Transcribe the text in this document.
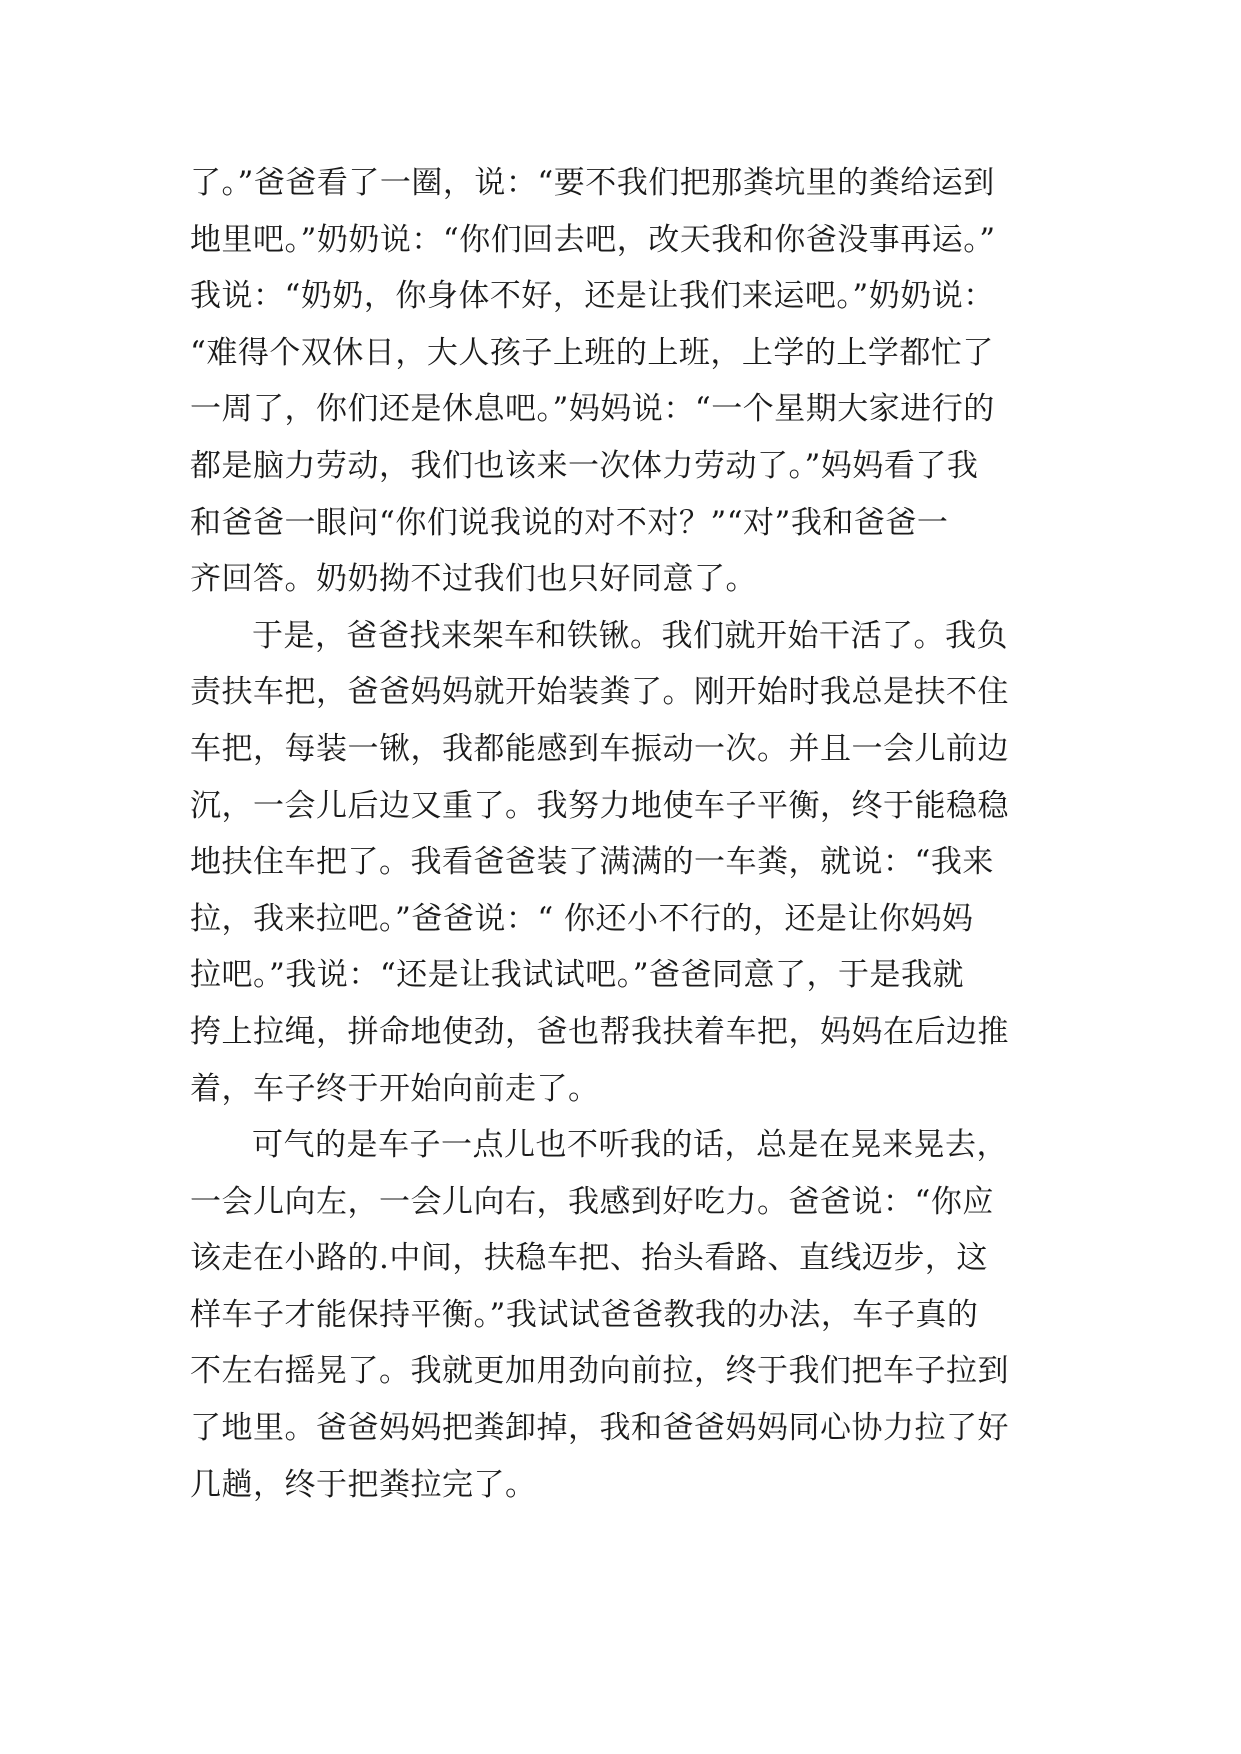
了。”爸爸看了一圈，说：“要不我们把那粪坑里的粪给运到
地里吧。”奶奶说：“你们回去吧，改天我和你爸没事再运。”
我说：“奶奶，你身体不好，还是让我们来运吧。”奶奶说：
“难得个双休日，大人孩子上班的上班，上学的上学都忙了
一周了，你们还是休息吧。”妈妈说：“一个星期大家进行的
都是脑力劳动，我们也该来一次体力劳动了。”妈妈看了我
和爸爸一眼问“你们说我说的对不对？”“对”我和爸爸一
齐回答。奶奶拗不过我们也只好同意了。
于是，爸爸找来架车和铁锹。我们就开始干活了。我负
责扶车把，爸爸妈妈就开始装粪了。刚开始时我总是扶不住
车把，每装一锹，我都能感到车振动一次。并且一会儿前边
沉，一会儿后边又重了。我努力地使车子平衡，终于能稳稳
地扶住车把了。我看爸爸装了满满的一车粪，就说：“我来
拉，我来拉吧。”爸爸说：“ 你还小不行的，还是让你妈妈
拉吧。”我说：“还是让我试试吧。”爸爸同意了，于是我就
挎上拉绳，拼命地使劲，爸也帮我扶着车把，妈妈在后边推
着，车子终于开始向前走了。
可气的是车子一点儿也不听我的话，总是在晃来晃去，
一会儿向左，一会儿向右，我感到好吃力。爸爸说：“你应
该走在小路的.中间，扶稳车把、抬头看路、直线迈步，这
样车子才能保持平衡。”我试试爸爸教我的办法，车子真的
不左右摇晃了。我就更加用劲向前拉，终于我们把车子拉到
了地里。爸爸妈妈把粪卸掉，我和爸爸妈妈同心协力拉了好
几趟，终于把粪拉完了。
